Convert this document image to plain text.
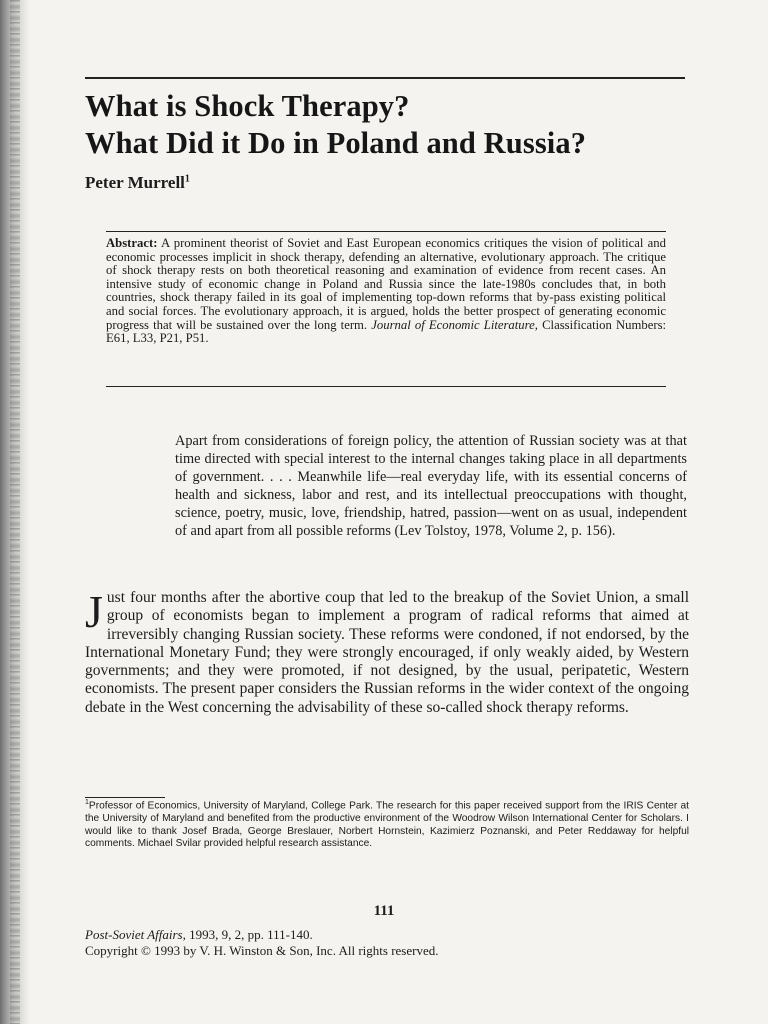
What is Shock Therapy?
What Did it Do in Poland and Russia?
Peter Murrell$^1$
Abstract: A prominent theorist of Soviet and East European economics critiques the vision of political and economic processes implicit in shock therapy, defending an alternative, evolutionary approach. The critique of shock therapy rests on both theoretical reasoning and examination of evidence from recent cases. An intensive study of economic change in Poland and Russia since the late-1980s concludes that, in both countries, shock therapy failed in its goal of implementing top-down reforms that by-pass existing political and social forces. The evolutionary approach, it is argued, holds the better prospect of generating economic progress that will be sustained over the long term. Journal of Economic Literature, Classification Numbers: E61, L33, P21, P51.
Apart from considerations of foreign policy, the attention of Russian society was at that time directed with special interest to the internal changes taking place in all departments of government. . . . Meanwhile life—real everyday life, with its essential concerns of health and sickness, labor and rest, and its intellectual preoccupations with thought, science, poetry, music, love, friendship, hatred, passion—went on as usual, independent of and apart from all possible reforms (Lev Tolstoy, 1978, Volume 2, p. 156).
Just four months after the abortive coup that led to the breakup of the Soviet Union, a small group of economists began to implement a program of radical reforms that aimed at irreversibly changing Russian society. These reforms were condoned, if not endorsed, by the International Monetary Fund; they were strongly encouraged, if only weakly aided, by Western governments; and they were promoted, if not designed, by the usual, peripatetic, Western economists. The present paper considers the Russian reforms in the wider context of the ongoing debate in the West concerning the advisability of these so-called shock therapy reforms.
$^1$Professor of Economics, University of Maryland, College Park. The research for this paper received support from the IRIS Center at the University of Maryland and benefited from the productive environment of the Woodrow Wilson International Center for Scholars. I would like to thank Josef Brada, George Breslauer, Norbert Hornstein, Kazimierz Poznanski, and Peter Reddaway for helpful comments. Michael Svilar provided helpful research assistance.
111
Post-Soviet Affairs, 1993, 9, 2, pp. 111-140.
Copyright © 1993 by V. H. Winston & Son, Inc. All rights reserved.
